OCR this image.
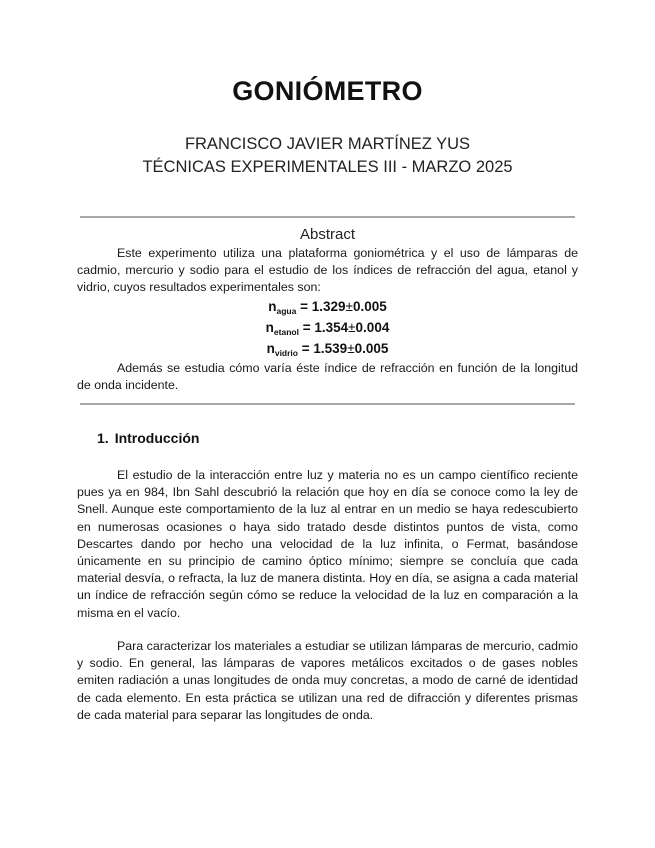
GONIÓMETRO
FRANCISCO JAVIER MARTÍNEZ YUS
TÉCNICAS EXPERIMENTALES III - MARZO 2025
Abstract

Este experimento utiliza una plataforma goniométrica y el uso de lámparas de cadmio, mercurio y sodio para el estudio de los índices de refracción del agua, etanol y vidrio, cuyos resultados experimentales son:

$n_{agua} = 1.329\pm 0.005$
$n_{etanol} = 1.354\pm 0.004$
$n_{vidrio} = 1.539\pm 0.005$

Además se estudia cómo varía éste índice de refracción en función de la longitud de onda incidente.

1. Introducción

El estudio de la interacción entre luz y materia no es un campo científico reciente pues ya en 984, Ibn Sahl descubrió la relación que hoy en día se conoce como la ley de Snell. Aunque este comportamiento de la luz al entrar en un medio se haya redescubierto en numerosas ocasiones o haya sido tratado desde distintos puntos de vista, como Descartes dando por hecho una velocidad de la luz infinita, o Fermat, basándose únicamente en su principio de camino óptico mínimo; siempre se concluía que cada material desvía, o refracta, la luz de manera distinta. Hoy en día, se asigna a cada material un índice de refracción según cómo se reduce la velocidad de la luz en comparación a la misma en el vacío.

Para caracterizar los materiales a estudiar se utilizan lámparas de mercurio, cadmio y sodio. En general, las lámparas de vapores metálicos excitados o de gases nobles emiten radiación a unas longitudes de onda muy concretas, a modo de carné de identidad de cada elemento. En esta práctica se utilizan una red de difracción y diferentes prismas de cada material para separar las longitudes de onda.
